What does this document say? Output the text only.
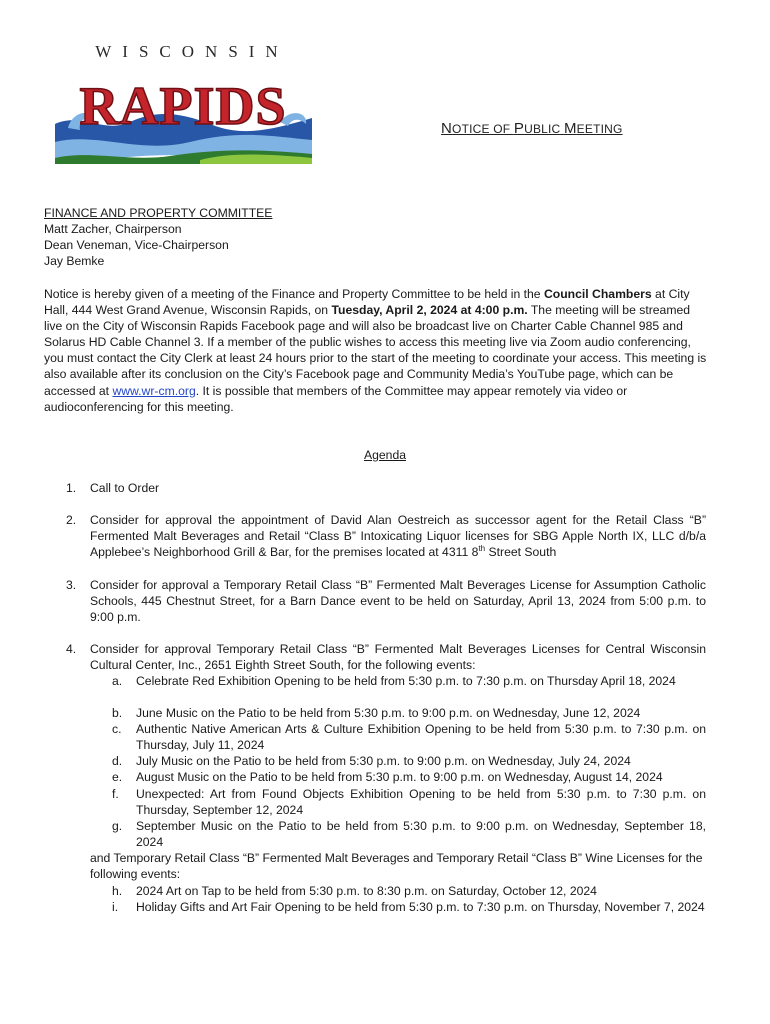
WISCONSIN
RAPIDS	NOTICE OF PUBLIC MEETING
FINANCE AND PROPERTY COMMITTEE
Matt Zacher, Chairperson
Dean Veneman, Vice-Chairperson
Jay Bemke
Notice is hereby given of a meeting of the Finance and Property Committee to be held in the Council Chambers at City Hall, 444 West Grand Avenue, Wisconsin Rapids, on Tuesday, April 2, 2024 at 4:00 p.m. The meeting will be streamed live on the City of Wisconsin Rapids Facebook page and will also be broadcast live on Charter Cable Channel 985 and Solarus HD Cable Channel 3. If a member of the public wishes to access this meeting live via Zoom audio conferencing, you must contact the City Clerk at least 24 hours prior to the start of the meeting to coordinate your access. This meeting is also available after its conclusion on the City’s Facebook page and Community Media’s YouTube page, which can be accessed at www.wr-cm.org. It is possible that members of the Committee may appear remotely via video or audioconferencing for this meeting.
Agenda
1. Call to Order
2. Consider for approval the appointment of David Alan Oestreich as successor agent for the Retail Class “B” Fermented Malt Beverages and Retail “Class B” Intoxicating Liquor licenses for SBG Apple North IX, LLC d/b/a Applebee’s Neighborhood Grill & Bar, for the premises located at 4311 8th Street South
3. Consider for approval a Temporary Retail Class “B” Fermented Malt Beverages License for Assumption Catholic Schools, 445 Chestnut Street, for a Barn Dance event to be held on Saturday, April 13, 2024 from 5:00 p.m. to 9:00 p.m.
4. Consider for approval Temporary Retail Class “B” Fermented Malt Beverages Licenses for Central Wisconsin Cultural Center, Inc., 2651 Eighth Street South, for the following events:
a. Celebrate Red Exhibition Opening to be held from 5:30 p.m. to 7:30 p.m. on Thursday April 18, 2024
b. June Music on the Patio to be held from 5:30 p.m. to 9:00 p.m. on Wednesday, June 12, 2024
c. Authentic Native American Arts & Culture Exhibition Opening to be held from 5:30 p.m. to 7:30 p.m. on Thursday, July 11, 2024
d. July Music on the Patio to be held from 5:30 p.m. to 9:00 p.m. on Wednesday, July 24, 2024
e. August Music on the Patio to be held from 5:30 p.m. to 9:00 p.m. on Wednesday, August 14, 2024
f. Unexpected: Art from Found Objects Exhibition Opening to be held from 5:30 p.m. to 7:30 p.m. on Thursday, September 12, 2024
g. September Music on the Patio to be held from 5:30 p.m. to 9:00 p.m. on Wednesday, September 18, 2024
and Temporary Retail Class “B” Fermented Malt Beverages and Temporary Retail “Class B” Wine Licenses for the following events:
h. 2024 Art on Tap to be held from 5:30 p.m. to 8:30 p.m. on Saturday, October 12, 2024
i. Holiday Gifts and Art Fair Opening to be held from 5:30 p.m. to 7:30 p.m. on Thursday, November 7, 2024
